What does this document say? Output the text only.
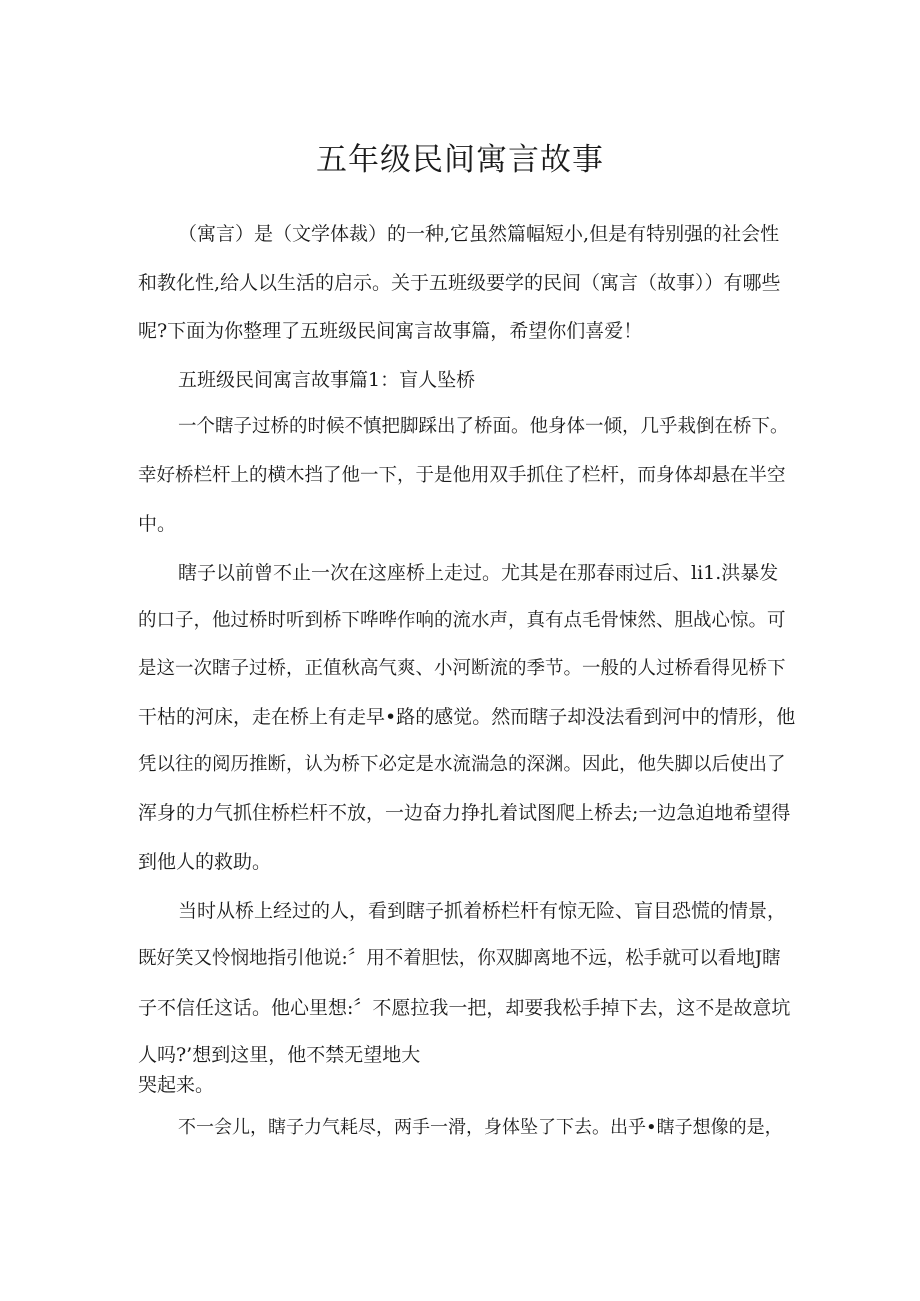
五年级民间寓言故事
（寓言）是（文学体裁）的一种,它虽然篇幅短小,但是有特别强的社会性
和教化性,给人以生活的启示。关于五班级要学的民间（寓言（故事））有哪些
呢?下面为你整理了五班级民间寓言故事篇，希望你们喜爱！
五班级民间寓言故事篇1：盲人坠桥
一个瞎子过桥的时候不慎把脚踩出了桥面。他身体一倾，几乎栽倒在桥下。
幸好桥栏杆上的横木挡了他一下，于是他用双手抓住了栏杆，而身体却悬在半空
中。
瞎子以前曾不止一次在这座桥上走过。尤其是在那春雨过后、li1.洪暴发
的口子，他过桥时听到桥下哗哗作响的流水声，真有点毛骨悚然、胆战心惊。可
是这一次瞎子过桥，正值秋高气爽、小河断流的季节。一般的人过桥看得见桥下
干枯的河床，走在桥上有走早•路的感觉。然而瞎子却没法看到河中的情形，他
凭以往的阅历推断，认为桥下必定是水流湍急的深渊。因此，他失脚以后使出了
浑身的力气抓住桥栏杆不放，一边奋力挣扎着试图爬上桥去;一边急迫地希望得
到他人的救助。
当时从桥上经过的人，看到瞎子抓着桥栏杆有惊无险、盲目恐慌的情景，
既好笑又怜悯地指引他说:〞用不着胆怯，你双脚离地不远，松手就可以看地J瞎
子不信任这话。他心里想:〞不愿拉我一把，却要我松手掉下去，这不是故意坑
人吗?’想到这里，他不禁无望地大
哭起来。
不一会儿，瞎子力气耗尽，两手一滑，身体坠了下去。出乎•瞎子想像的是，
